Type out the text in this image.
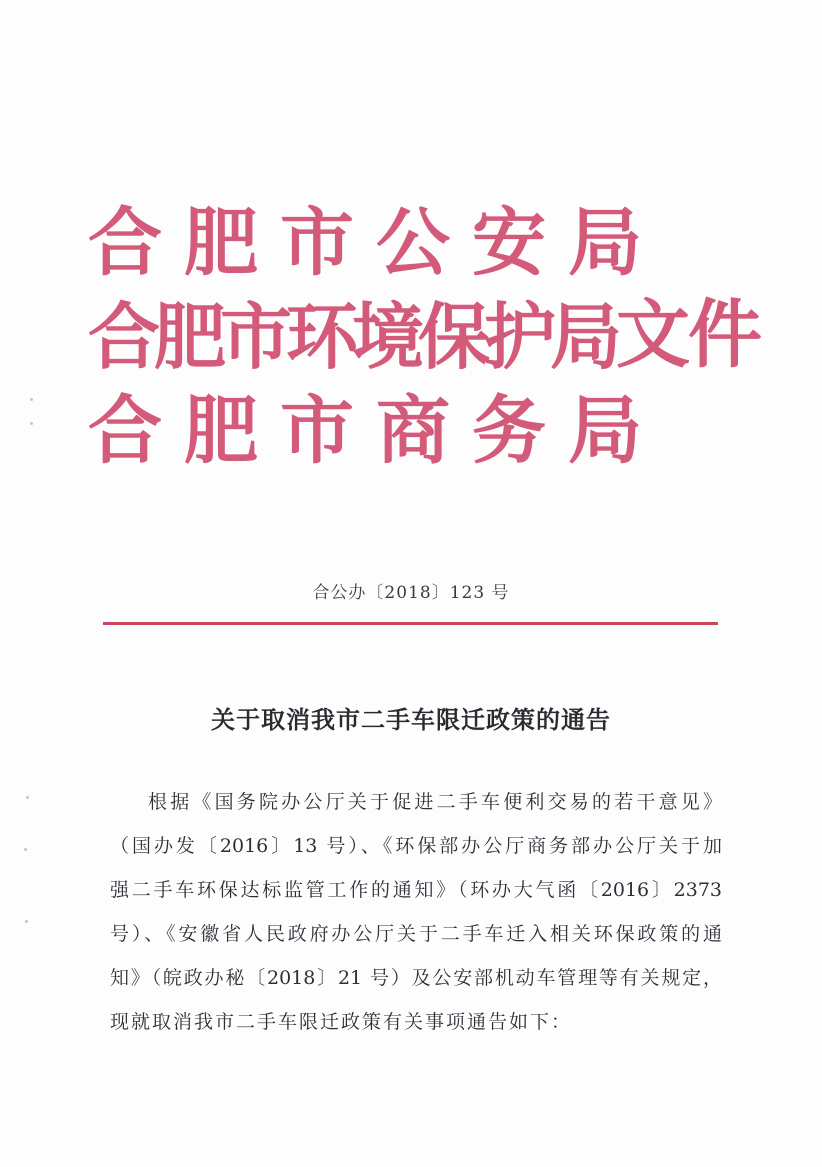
合肥市公安局
合肥市环境保护局
合肥市商务局
文件
合公办〔2018〕123 号
关于取消我市二手车限迁政策的通告
根据《国务院办公厅关于促进二手车便利交易的若干意见》
（国办发〔2016〕13 号）、《环保部办公厅商务部办公厅关于加
强二手车环保达标监管工作的通知》（环办大气函〔2016〕2373
号）、《安徽省人民政府办公厅关于二手车迁入相关环保政策的通
知》（皖政办秘〔2018〕21 号）及公安部机动车管理等有关规定，
现就取消我市二手车限迁政策有关事项通告如下：
